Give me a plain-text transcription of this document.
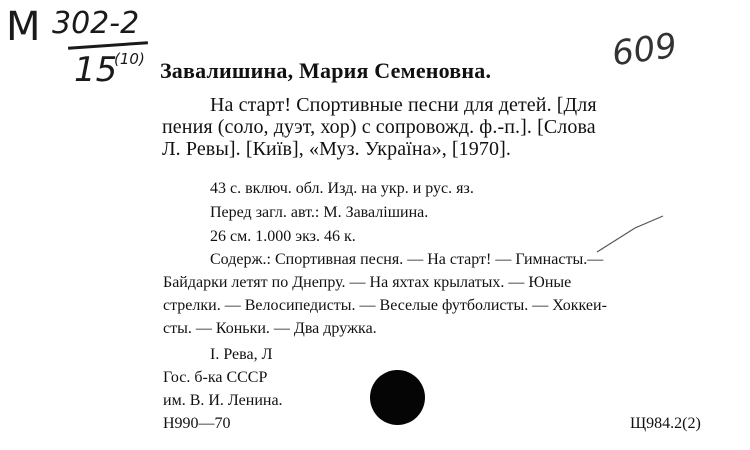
M 302-2
15
(10)	609
Завалишина, Мария Семеновна.
На старт! Спортивные песни для детей. [Для
пения (соло, дуэт, хор) с сопровожд. ф.-п.]. [Слова
Л. Ревы]. [Київ], «Муз. Україна», [1970].
43 с. включ. обл. Изд. на укр. и рус. яз.
Перед загл. авт.: М. Завалішина.
26 см. 1.000 экз. 46 к.
Содерж.: Спортивная песня. — На старт! — Гимнасты.—
Байдарки летят по Днепру. — На яхтах крылатых. — Юные
стрелки. — Велосипедисты. — Веселые футболисты. — Хоккеи-
сты. — Коньки. — Два дружка.
I. Рева, Л
Гос. б-ка СССР
им. В. И. Ленина.
Н990—70	Щ984.2(2)
